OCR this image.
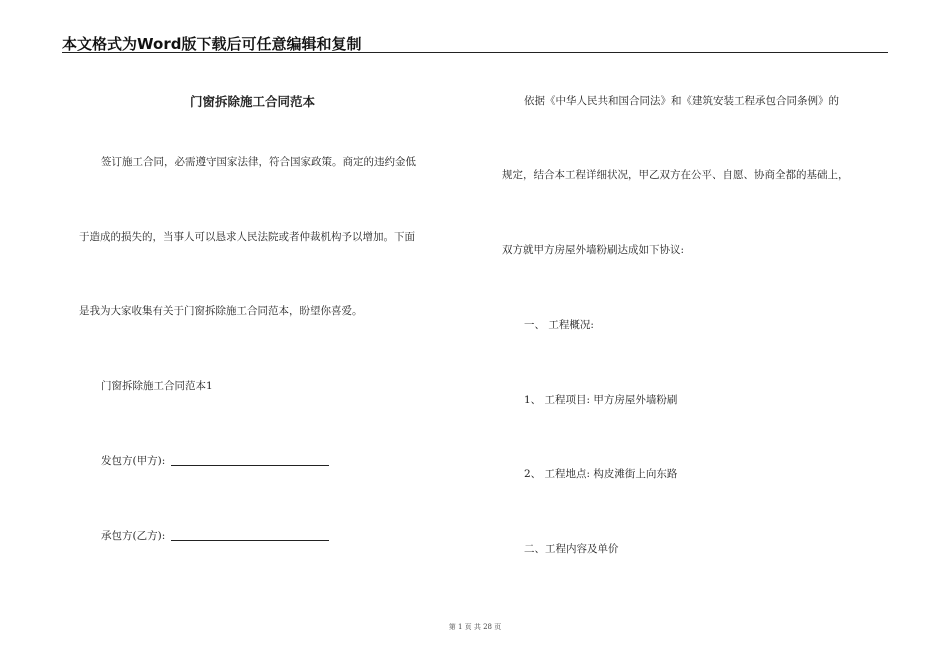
本文格式为Word版下载后可任意编辑和复制
门窗拆除施工合同范本
签订施工合同，必需遵守国家法律，符合国家政策。商定的违约金低
于造成的损失的，当事人可以恳求人民法院或者仲裁机构予以增加。下面
是我为大家收集有关于门窗拆除施工合同范本，盼望你喜爱。
门窗拆除施工合同范本1
发包方(甲方):
承包方(乙方):
依据《中华人民共和国合同法》和《建筑安装工程承包合同条例》的
规定，结合本工程详细状况，甲乙双方在公平、自愿、协商全都的基础上，
双方就甲方房屋外墙粉刷达成如下协议:
一、 工程概况:
1、 工程项目: 甲方房屋外墙粉刷
2、 工程地点: 构皮滩街上向东路
二、工程内容及单价
第 1 页 共 28 页
